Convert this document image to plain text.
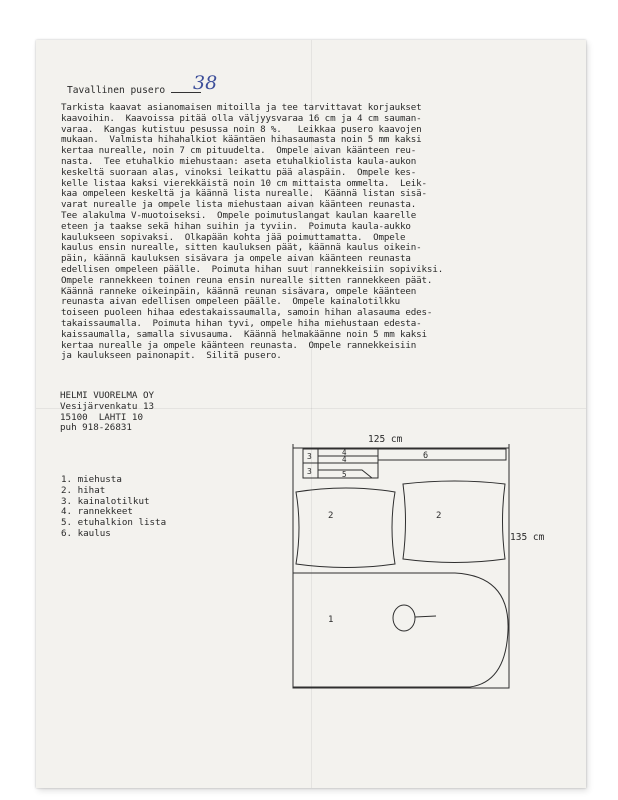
Tavallinen pusero	38
Tarkista kaavat asianomaisen mitoilla ja tee tarvittavat korjaukset
kaavoihin.  Kaavoissa pitää olla väljyysvaraa 16 cm ja 4 cm sauman-
varaa.  Kangas kutistuu pesussa noin 8 %.   Leikkaa pusero kaavojen
mukaan.  Valmista hihahalkiot kääntäen hihasaumasta noin 5 mm kaksi
kertaa nurealle, noin 7 cm pituudelta.  Ompele aivan käänteen reu-
nasta.  Tee etuhalkio miehustaan: aseta etuhalkiolista kaula-aukon
keskeltä suoraan alas, vinoksi leikattu pää alaspäin.  Ompele kes-
kelle listaa kaksi vierekkäistä noin 10 cm mittaista ommelta.  Leik-
kaa ompeleen keskeltä ja käännä lista nurealle.  Käännä listan sisä-
varat nurealle ja ompele lista miehustaan aivan käänteen reunasta.
Tee alakulma V-muotoiseksi.  Ompele poimutuslangat kaulan kaarelle
eteen ja taakse sekä hihan suihin ja tyviin.  Poimuta kaula-aukko
kaulukseen sopivaksi.  Olkapään kohta jää poimuttamatta.  Ompele
kaulus ensin nurealle, sitten kauluksen päät, käännä kaulus oikein-
päin, käännä kauluksen sisävara ja ompele aivan käänteen reunasta
edellisen ompeleen päälle.  Poimuta hihan suut rannekkeisiin sopiviksi.
Ompele rannekkeen toinen reuna ensin nurealle sitten rannekkeen päät.
Käännä ranneke oikeinpäin, käännä reunan sisävara, ompele käänteen
reunasta aivan edellisen ompeleen päälle.  Ompele kainalotilkku
toiseen puoleen hihaa edestakaissaumalla, samoin hihan alasauma edes-
takaissaumalla.  Poimuta hihan tyvi, ompele hiha miehustaan edesta-
kaissaumalla, samalla sivusauma.  Käännä helmakäänne noin 5 mm kaksi
kertaa nurealle ja ompele käänteen reunasta.  Ompele rannekkeisiin
ja kaulukseen painonapit.  Silitä pusero.
HELMI VUORELMA OY
Vesijärvenkatu 13
15100  LAHTI 10
puh 918-26831
1. miehusta
2. hihat
3. kainalotilkut
4. rannekkeet
5. etuhalkion lista
6. kaulus
125 cm
135 cm
6
3
3
4
4
5
2	2
1
